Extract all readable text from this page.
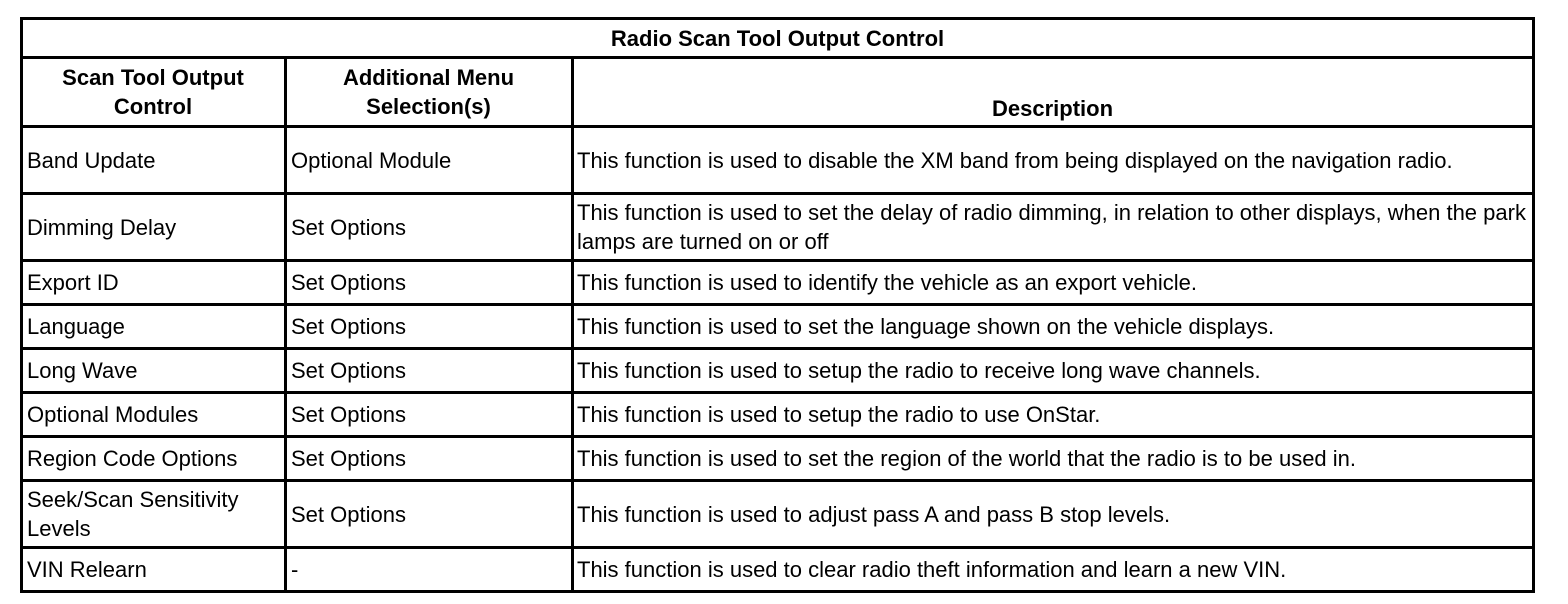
Radio Scan Tool Output Control		
Scan Tool Output Control	Additional Menu Selection(s)	Description
Band Update	Optional Module	This function is used to disable the XM band from being displayed on the navigation radio.
Dimming Delay	Set Options	This function is used to set the delay of radio dimming, in relation to other displays, when the park lamps are turned on or off
Export ID	Set Options	This function is used to identify the vehicle as an export vehicle.
Language	Set Options	This function is used to set the language shown on the vehicle displays.
Long Wave	Set Options	This function is used to setup the radio to receive long wave channels.
Optional Modules	Set Options	This function is used to setup the radio to use OnStar.
Region Code Options	Set Options	This function is used to set the region of the world that the radio is to be used in.
Seek/Scan Sensitivity Levels	Set Options	This function is used to adjust pass A and pass B stop levels.
VIN Relearn	-	This function is used to clear radio theft information and learn a new VIN.
